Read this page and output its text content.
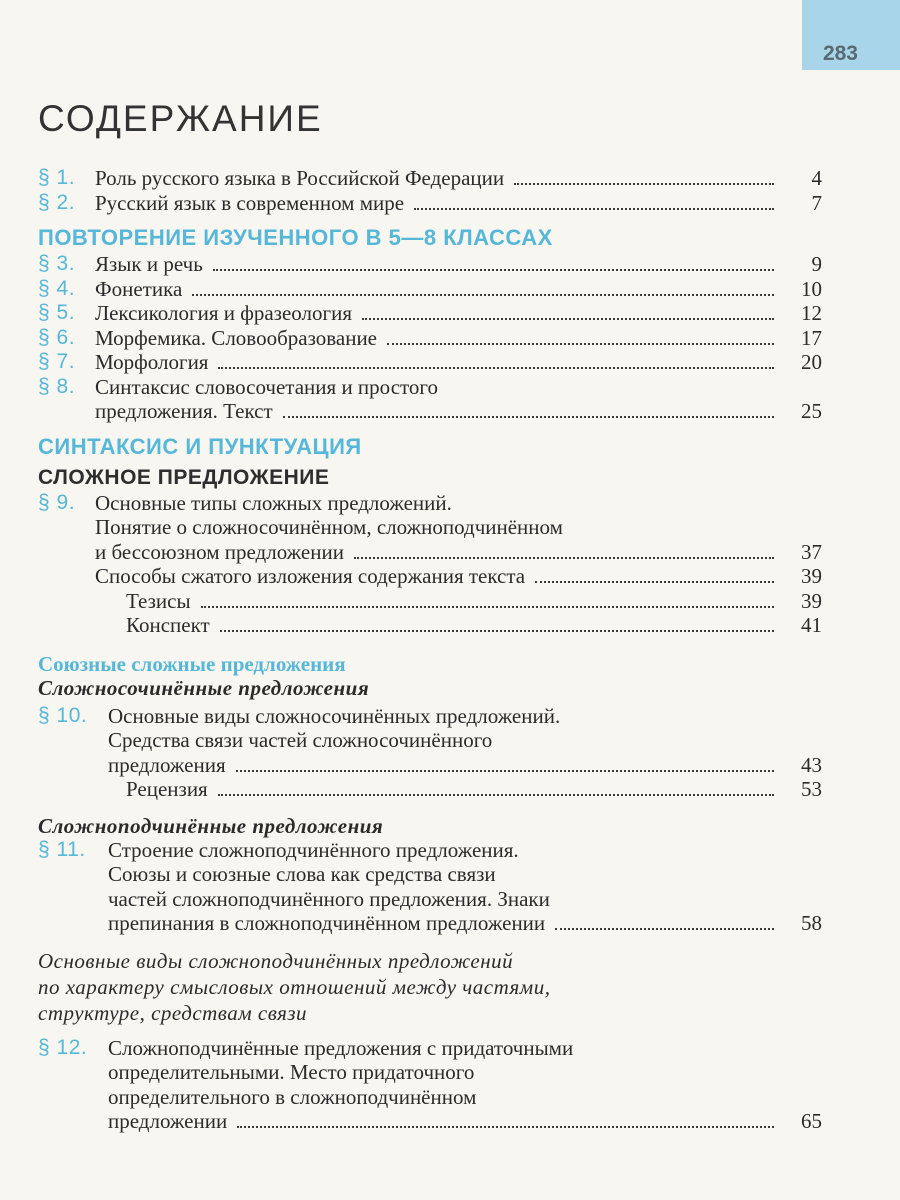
283
СОДЕРЖАНИЕ
§ 1. Роль русского языка в Российской Федерации	4
§ 2. Русский язык в современном мире	7
ПОВТОРЕНИЕ ИЗУЧЕННОГО В 5—8 КЛАССАХ
§ 3. Язык и речь	9
§ 4. Фонетика	10
§ 5. Лексикология и фразеология	12
§ 6. Морфемика. Словообразование	17
§ 7. Морфология	20
§ 8. Синтаксис словосочетания и простого
предложения. Текст	25
СИНТАКСИС И ПУНКТУАЦИЯ
СЛОЖНОЕ ПРЕДЛОЖЕНИЕ
§ 9. Основные типы сложных предложений.
Понятие о сложносочинённом, сложноподчинённом
и бессоюзном предложении	37
Способы сжатого изложения содержания текста	39
Тезисы	39
Конспект	41
Союзные сложные предложения
Сложносочинённые предложения
§ 10. Основные виды сложносочинённых предложений.
Средства связи частей сложносочинённого
предложения	43
Рецензия	53
Сложноподчинённые предложения
§ 11.	Строение сложноподчинённого предложения.
Союзы и союзные слова как средства связи
частей сложноподчинённого предложения. Знаки
препинания в сложноподчинённом предложении	58
Основные виды сложноподчинённых предложений
по характеру смысловых отношений между частями,
структуре, средствам связи
§ 12. Сложноподчинённые предложения с придаточными
определительными. Место придаточного
определительного в сложноподчинённом
предложении	65
